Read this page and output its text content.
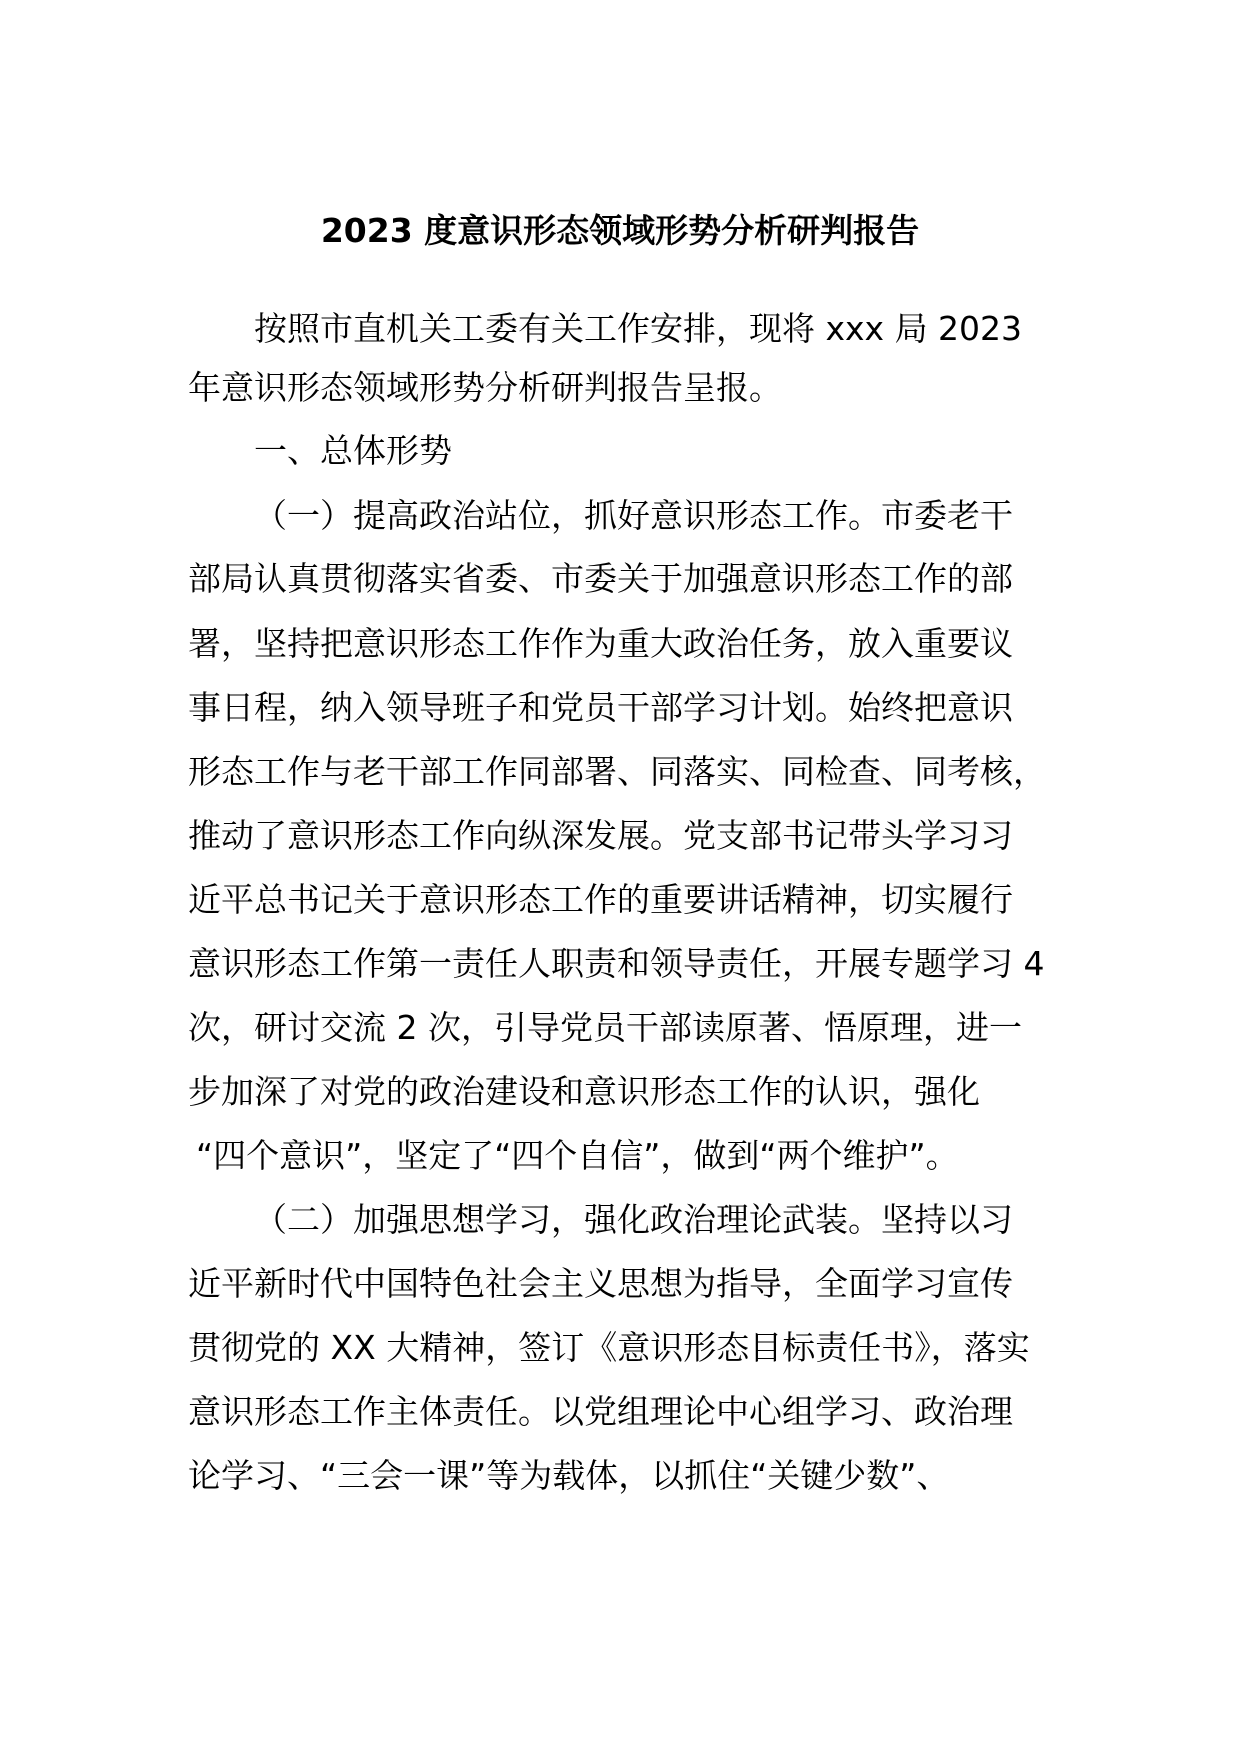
2023 度意识形态领域形势分析研判报告
按照市直机关工委有关工作安排，现将 xxx 局 2023
年意识形态领域形势分析研判报告呈报。
一、总体形势
（一）提高政治站位，抓好意识形态工作。市委老干
部局认真贯彻落实省委、市委关于加强意识形态工作的部
署，坚持把意识形态工作作为重大政治任务，放入重要议
事日程，纳入领导班子和党员干部学习计划。始终把意识
形态工作与老干部工作同部署、同落实、同检查、同考核，
推动了意识形态工作向纵深发展。党支部书记带头学习习
近平总书记关于意识形态工作的重要讲话精神，切实履行
意识形态工作第一责任人职责和领导责任，开展专题学习 4
次，研讨交流 2 次，引导党员干部读原著、悟原理，进一
步加深了对党的政治建设和意识形态工作的认识，强化
“四个意识”，坚定了“四个自信”，做到“两个维护”。
（二）加强思想学习，强化政治理论武装。坚持以习
近平新时代中国特色社会主义思想为指导，全面学习宣传
贯彻党的 XX 大精神，签订《意识形态目标责任书》，落实
意识形态工作主体责任。以党组理论中心组学习、政治理
论学习、“三会一课”等为载体，以抓住“关键少数”、
